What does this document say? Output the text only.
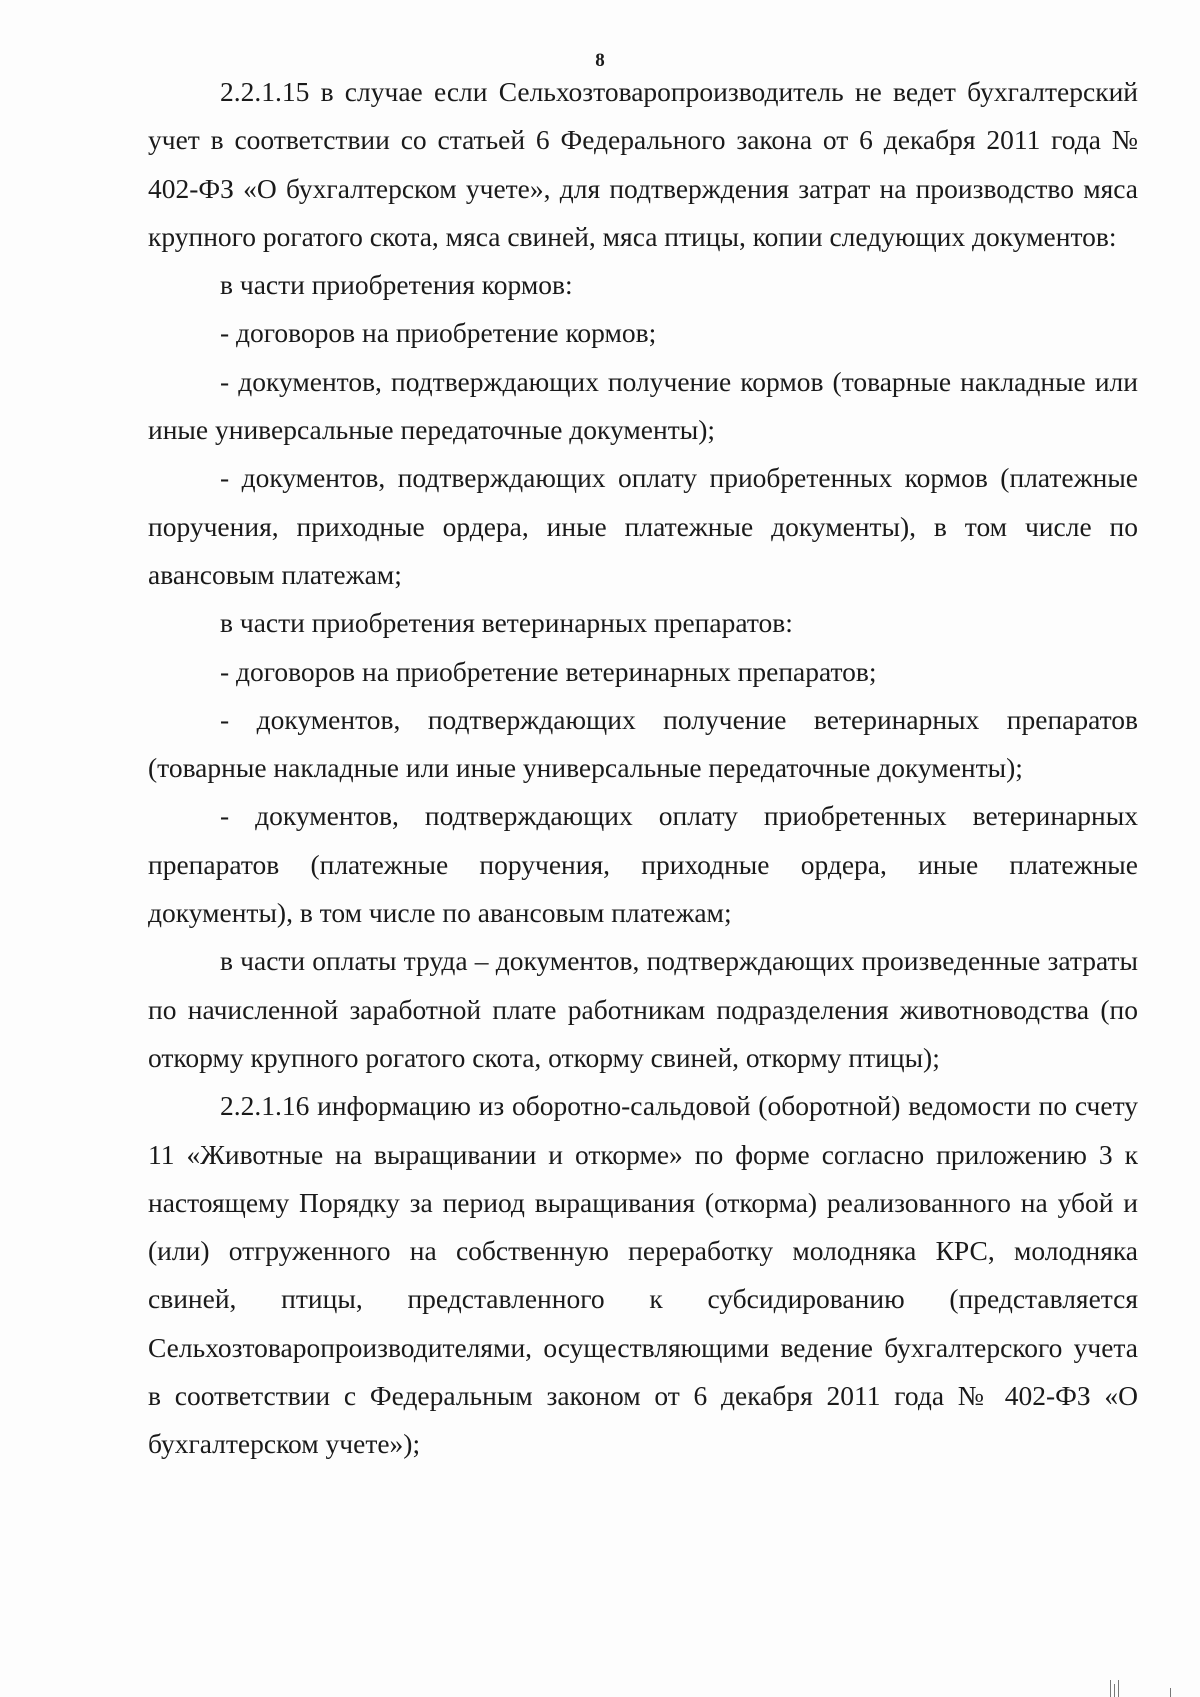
8

2.2.1.15 в случае если Сельхозтоваропроизводитель не ведет бухгалтерский учет в соответствии со статьей 6 Федерального закона от 6 декабря 2011 года № 402-ФЗ «О бухгалтерском учете», для подтверждения затрат на производство мяса крупного рогатого скота, мяса свиней, мяса птицы, копии следующих документов:

в части приобретения кормов:

- договоров на приобретение кормов;

- документов, подтверждающих получение кормов (товарные накладные или иные универсальные передаточные документы);

- документов, подтверждающих оплату приобретенных кормов (платежные поручения, приходные ордера, иные платежные документы), в том числе по авансовым платежам;

в части приобретения ветеринарных препаратов:

- договоров на приобретение ветеринарных препаратов;

- документов, подтверждающих получение ветеринарных препаратов (товарные накладные или иные универсальные передаточные документы);

- документов, подтверждающих оплату приобретенных ветеринарных препаратов (платежные поручения, приходные ордера, иные платежные документы), в том числе по авансовым платежам;

в части оплаты труда – документов, подтверждающих произведенные затраты по начисленной заработной плате работникам подразделения животноводства (по откорму крупного рогатого скота, откорму свиней, откорму птицы);

2.2.1.16 информацию из оборотно-сальдовой (оборотной) ведомости по счету 11 «Животные на выращивании и откорме» по форме согласно приложению 3 к настоящему Порядку за период выращивания (откорма) реализованного на убой и (или) отгруженного на собственную переработку молодняка КРС, молодняка свиней, птицы, представленного к субсидированию (представляется Сельхозтоваропроизводителями, осуществляющими ведение бухгалтерского учета в соответствии с Федеральным законом от 6 декабря 2011 года № 402-ФЗ «О бухгалтерском учете»);
